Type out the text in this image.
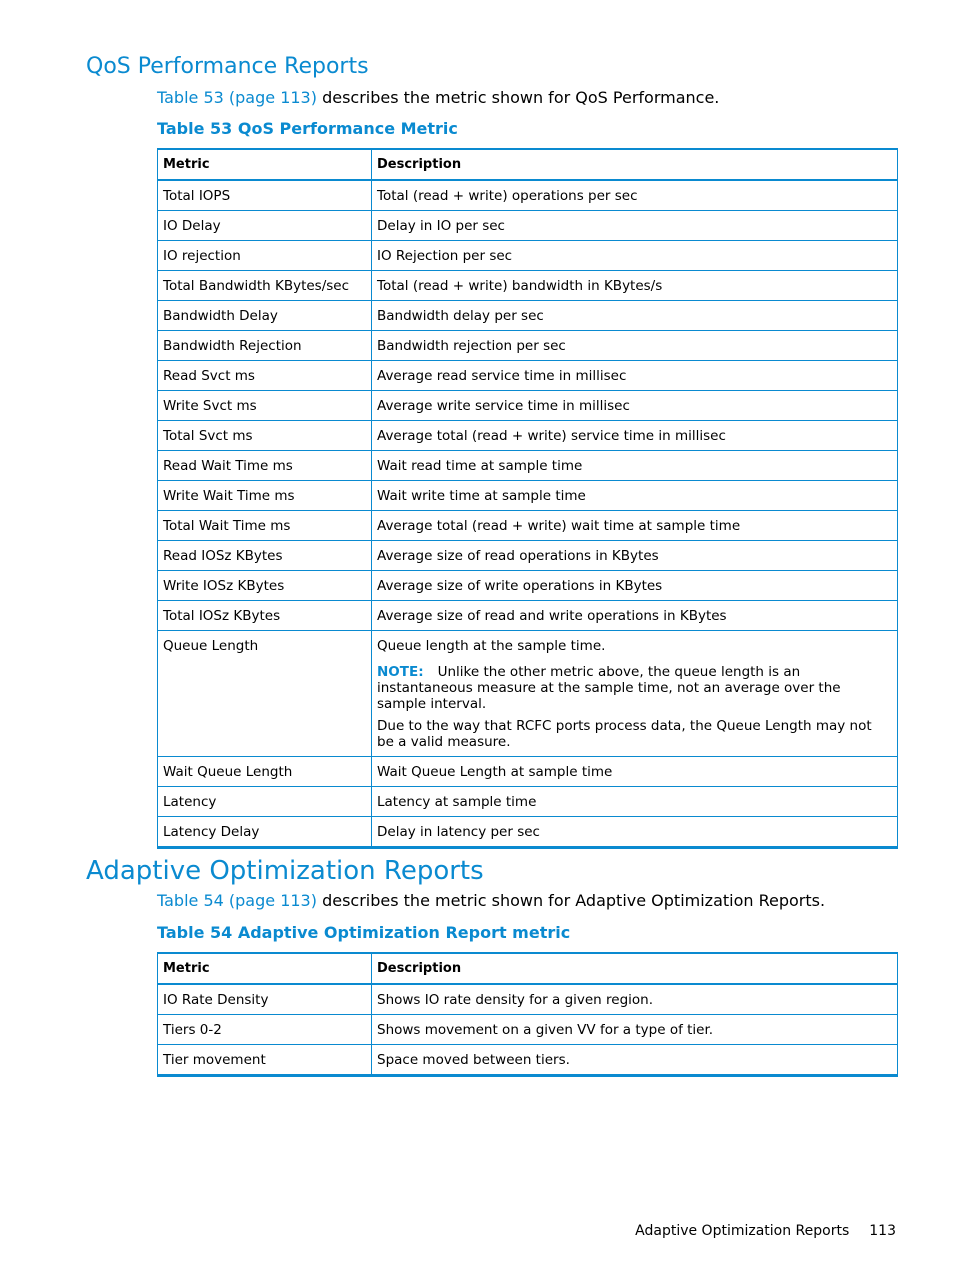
QoS Performance Reports

Table 53 (page 113) describes the metric shown for QoS Performance.

Table 53 QoS Performance Metric

Metric	Description
Total IOPS	Total (read + write) operations per sec
IO Delay	Delay in IO per sec
IO rejection	IO Rejection per sec
Total Bandwidth KBytes/sec	Total (read + write) bandwidth in KBytes/s
Bandwidth Delay	Bandwidth delay per sec
Bandwidth Rejection	Bandwidth rejection per sec
Read Svct ms	Average read service time in millisec
Write Svct ms	Average write service time in millisec
Total Svct ms	Average total (read + write) service time in millisec
Read Wait Time ms	Wait read time at sample time
Write Wait Time ms	Wait write time at sample time
Total Wait Time ms	Average total (read + write) wait time at sample time
Read IOSz KBytes	Average size of read operations in KBytes
Write IOSz KBytes	Average size of write operations in KBytes
Total IOSz KBytes	Average size of read and write operations in KBytes
Queue Length	Queue length at the sample time.
NOTE: Unlike the other metric above, the queue length is an instantaneous measure at the sample time, not an average over the sample interval.
Due to the way that RCFC ports process data, the Queue Length may not be a valid measure.

Wait Queue Length	Wait Queue Length at sample time
Latency	Latency at sample time
Latency Delay	Delay in latency per sec
Adaptive Optimization Reports

Table 54 (page 113) describes the metric shown for Adaptive Optimization Reports.

Table 54 Adaptive Optimization Report metric

Metric	Description
IO Rate Density	Shows IO rate density for a given region.
Tiers 0-2	Shows movement on a given VV for a type of tier.
Tier movement	Space moved between tiers.
Adaptive Optimization Reports 113
